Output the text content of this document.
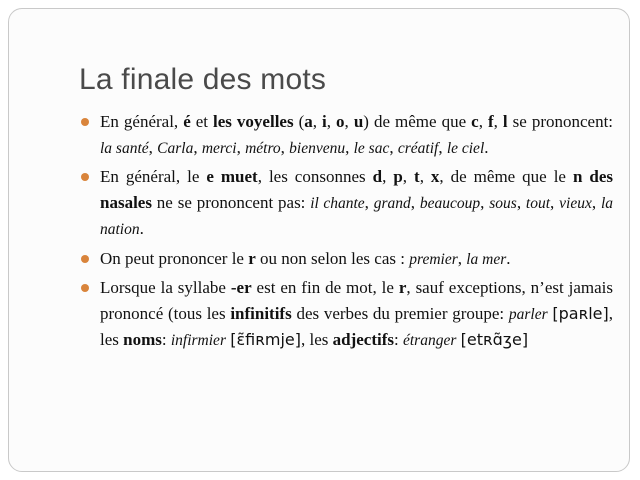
La finale des mots
En général, é et les voyelles (a, i, o, u) de même que c, f, l se prononcent: la santé, Carla, merci, métro, bienvenu, le sac, créatif, le ciel.
En général, le e muet, les consonnes d, p, t, x, de même que le n des nasales ne se prononcent pas: il chante, grand, beaucoup, sous, tout, vieux, la nation.
On peut prononcer le r ou non selon les cas : premier, la mer.
Lorsque la syllabe -er est en fin de mot, le r, sauf exceptions, n’est jamais prononcé (tous les infinitifs des verbes du premier groupe: parler [paʀle], les noms: infirmier [ɛ̃fiʀmje], les adjectifs: étranger [etʀɑ̃ʒe]
